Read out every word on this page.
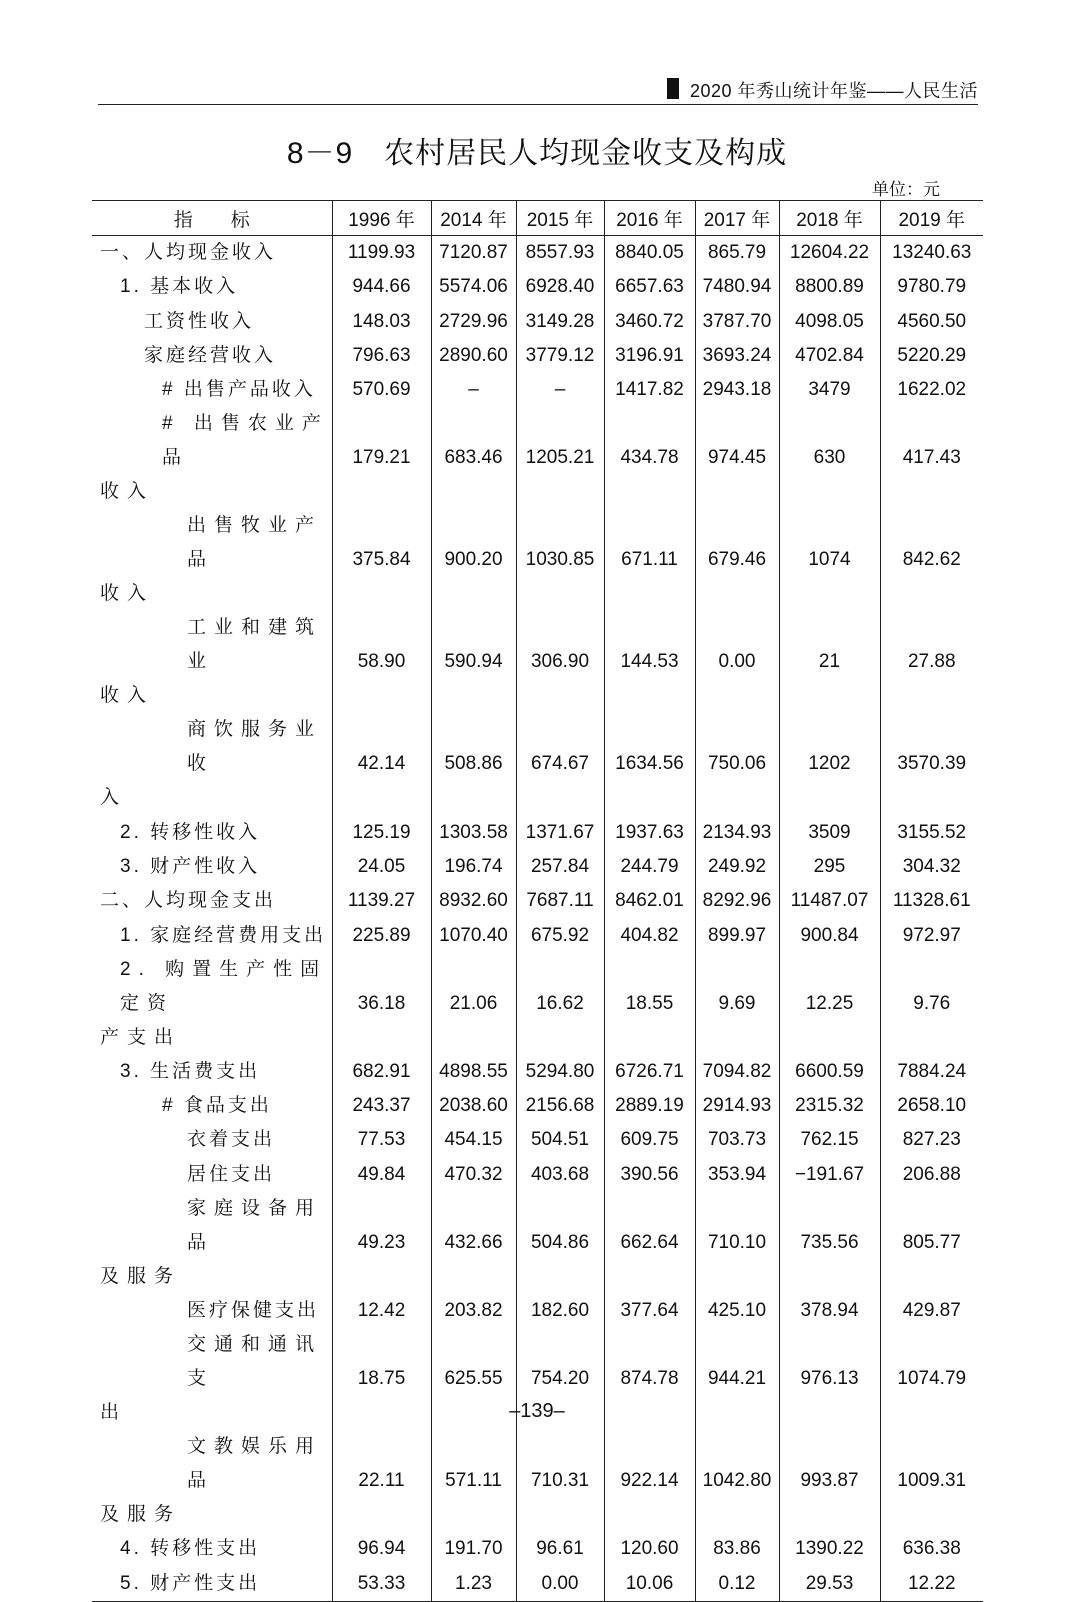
2020 年秀山统计年鉴——人民生活
8－9　农村居民人均现金收支及构成
单位：元
指　　标	1996 年	2014 年	2015 年	2016 年	2017 年	2018 年	2019 年

一、人均现金收入	1199.93	7120.87	8557.93	8840.05	865.79	12604.22	13240.63

1. 基本收入	944.66	5574.06	6928.40	6657.63	7480.94	8800.89	9780.79

工资性收入	148.03	2729.96	3149.28	3460.72	3787.70	4098.05	4560.50

家庭经营收入	796.63	2890.60	3779.12	3196.91	3693.24	4702.84	5220.29

# 出售产品收入	570.69	–	–	1417.82	2943.18	3479	1622.02

# 出售农业产品
收入	179.21	683.46	1205.21	434.78	974.45	630	417.43

出售牧业产品
收入	375.84	900.20	1030.85	671.11	679.46	1074	842.62

工业和建筑业
收入	58.90	590.94	306.90	144.53	0.00	21	27.88

商饮服务业收
入	42.14	508.86	674.67	1634.56	750.06	1202	3570.39

2. 转移性收入	125.19	1303.58	1371.67	1937.63	2134.93	3509	3155.52

3. 财产性收入	24.05	196.74	257.84	244.79	249.92	295	304.32

二、人均现金支出	1139.27	8932.60	7687.11	8462.01	8292.96	11487.07	11328.61

1. 家庭经营费用支出	225.89	1070.40	675.92	404.82	899.97	900.84	972.97

2. 购置生产性固定资
产支出	36.18	21.06	16.62	18.55	9.69	12.25	9.76

3. 生活费支出	682.91	4898.55	5294.80	6726.71	7094.82	6600.59	7884.24

# 食品支出	243.37	2038.60	2156.68	2889.19	2914.93	2315.32	2658.10

衣着支出	77.53	454.15	504.51	609.75	703.73	762.15	827.23

居住支出	49.84	470.32	403.68	390.56	353.94	−191.67	206.88

家庭设备用品
及服务	49.23	432.66	504.86	662.64	710.10	735.56	805.77

医疗保健支出	12.42	203.82	182.60	377.64	425.10	378.94	429.87

交通和通讯支
出	18.75	625.55	754.20	874.78	944.21	976.13	1074.79

文教娱乐用品
及服务	22.11	571.11	710.31	922.14	1042.80	993.87	1009.31

4. 转移性支出	96.94	191.70	96.61	120.60	83.86	1390.22	636.38

5. 财产性支出	53.33	1.23	0.00	10.06	0.12	29.53	12.22
–139–
